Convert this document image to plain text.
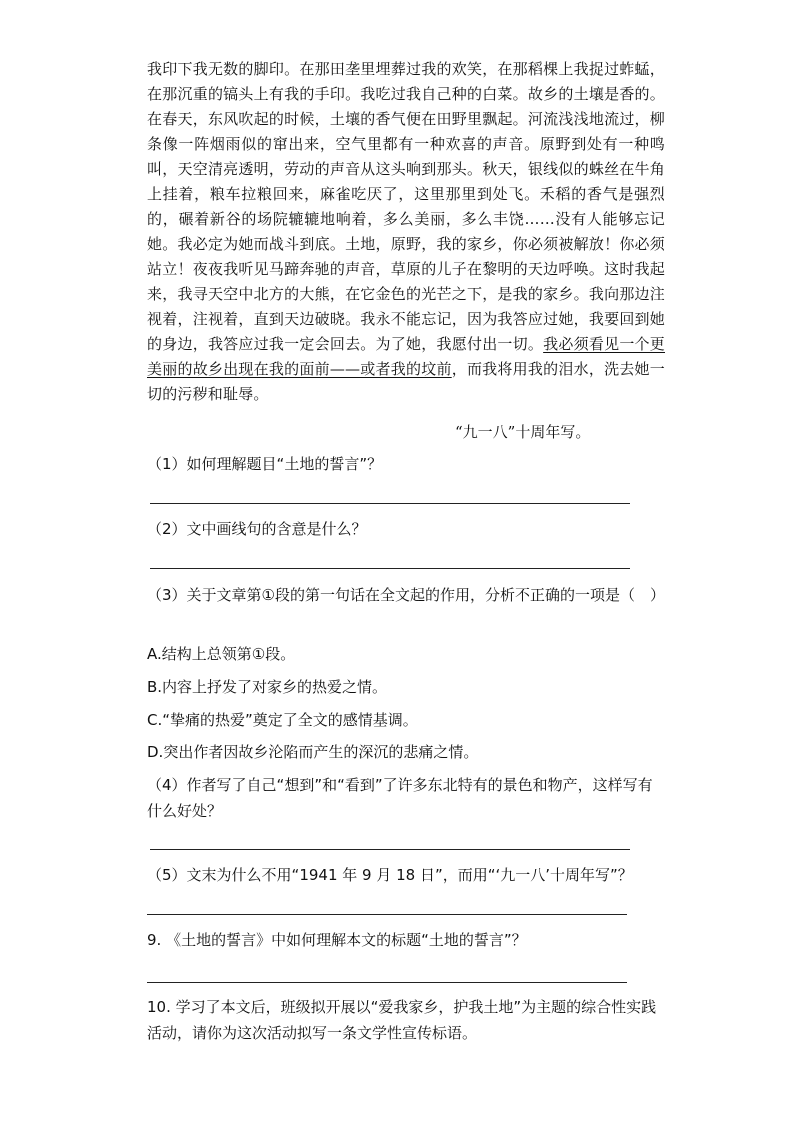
我印下我无数的脚印。在那田垄里埋葬过我的欢笑，在那稻棵上我捉过蚱蜢，在那沉重的镐头上有我的手印。我吃过我自己种的白菜。故乡的土壤是香的。在春天，东风吹起的时候，土壤的香气便在田野里飘起。河流浅浅地流过，柳条像一阵烟雨似的窜出来，空气里都有一种欢喜的声音。原野到处有一种鸣叫，天空清亮透明，劳动的声音从这头响到那头。秋天，银线似的蛛丝在牛角上挂着，粮车拉粮回来，麻雀吃厌了，这里那里到处飞。禾稻的香气是强烈的，碾着新谷的场院辘辘地响着，多么美丽，多么丰饶……没有人能够忘记她。我必定为她而战斗到底。土地，原野，我的家乡，你必须被解放！你必须站立！夜夜我听见马蹄奔驰的声音，草原的儿子在黎明的天边呼唤。这时我起来，我寻天空中北方的大熊，在它金色的光芒之下，是我的家乡。我向那边注视着，注视着，直到天边破晓。我永不能忘记，因为我答应过她，我要回到她的身边，我答应过我一定会回去。为了她，我愿付出一切。我必须看见一个更美丽的故乡出现在我的面前——或者我的坟前，而我将用我的泪水，洗去她一切的污秽和耻辱。
“九一八”十周年写。
（1）如何理解题目“土地的誓言”？
（2）文中画线句的含意是什么？
（3）关于文章第①段的第一句话在全文起的作用，分析不正确的一项是（　）
A.结构上总领第①段。
B.内容上抒发了对家乡的热爱之情。
C.“挚痛的热爱”奠定了全文的感情基调。
D.突出作者因故乡沦陷而产生的深沉的悲痛之情。
（4）作者写了自己“想到”和“看到”了许多东北特有的景色和物产，这样写有什么好处？
（5）文末为什么不用“1941 年 9 月 18 日”，而用“‘九一八’十周年写”？
9. 《土地的誓言》中如何理解本文的标题“土地的誓言”？
10. 学习了本文后，班级拟开展以“爱我家乡，护我土地”为主题的综合性实践活动，请你为这次活动拟写一条文学性宣传标语。
